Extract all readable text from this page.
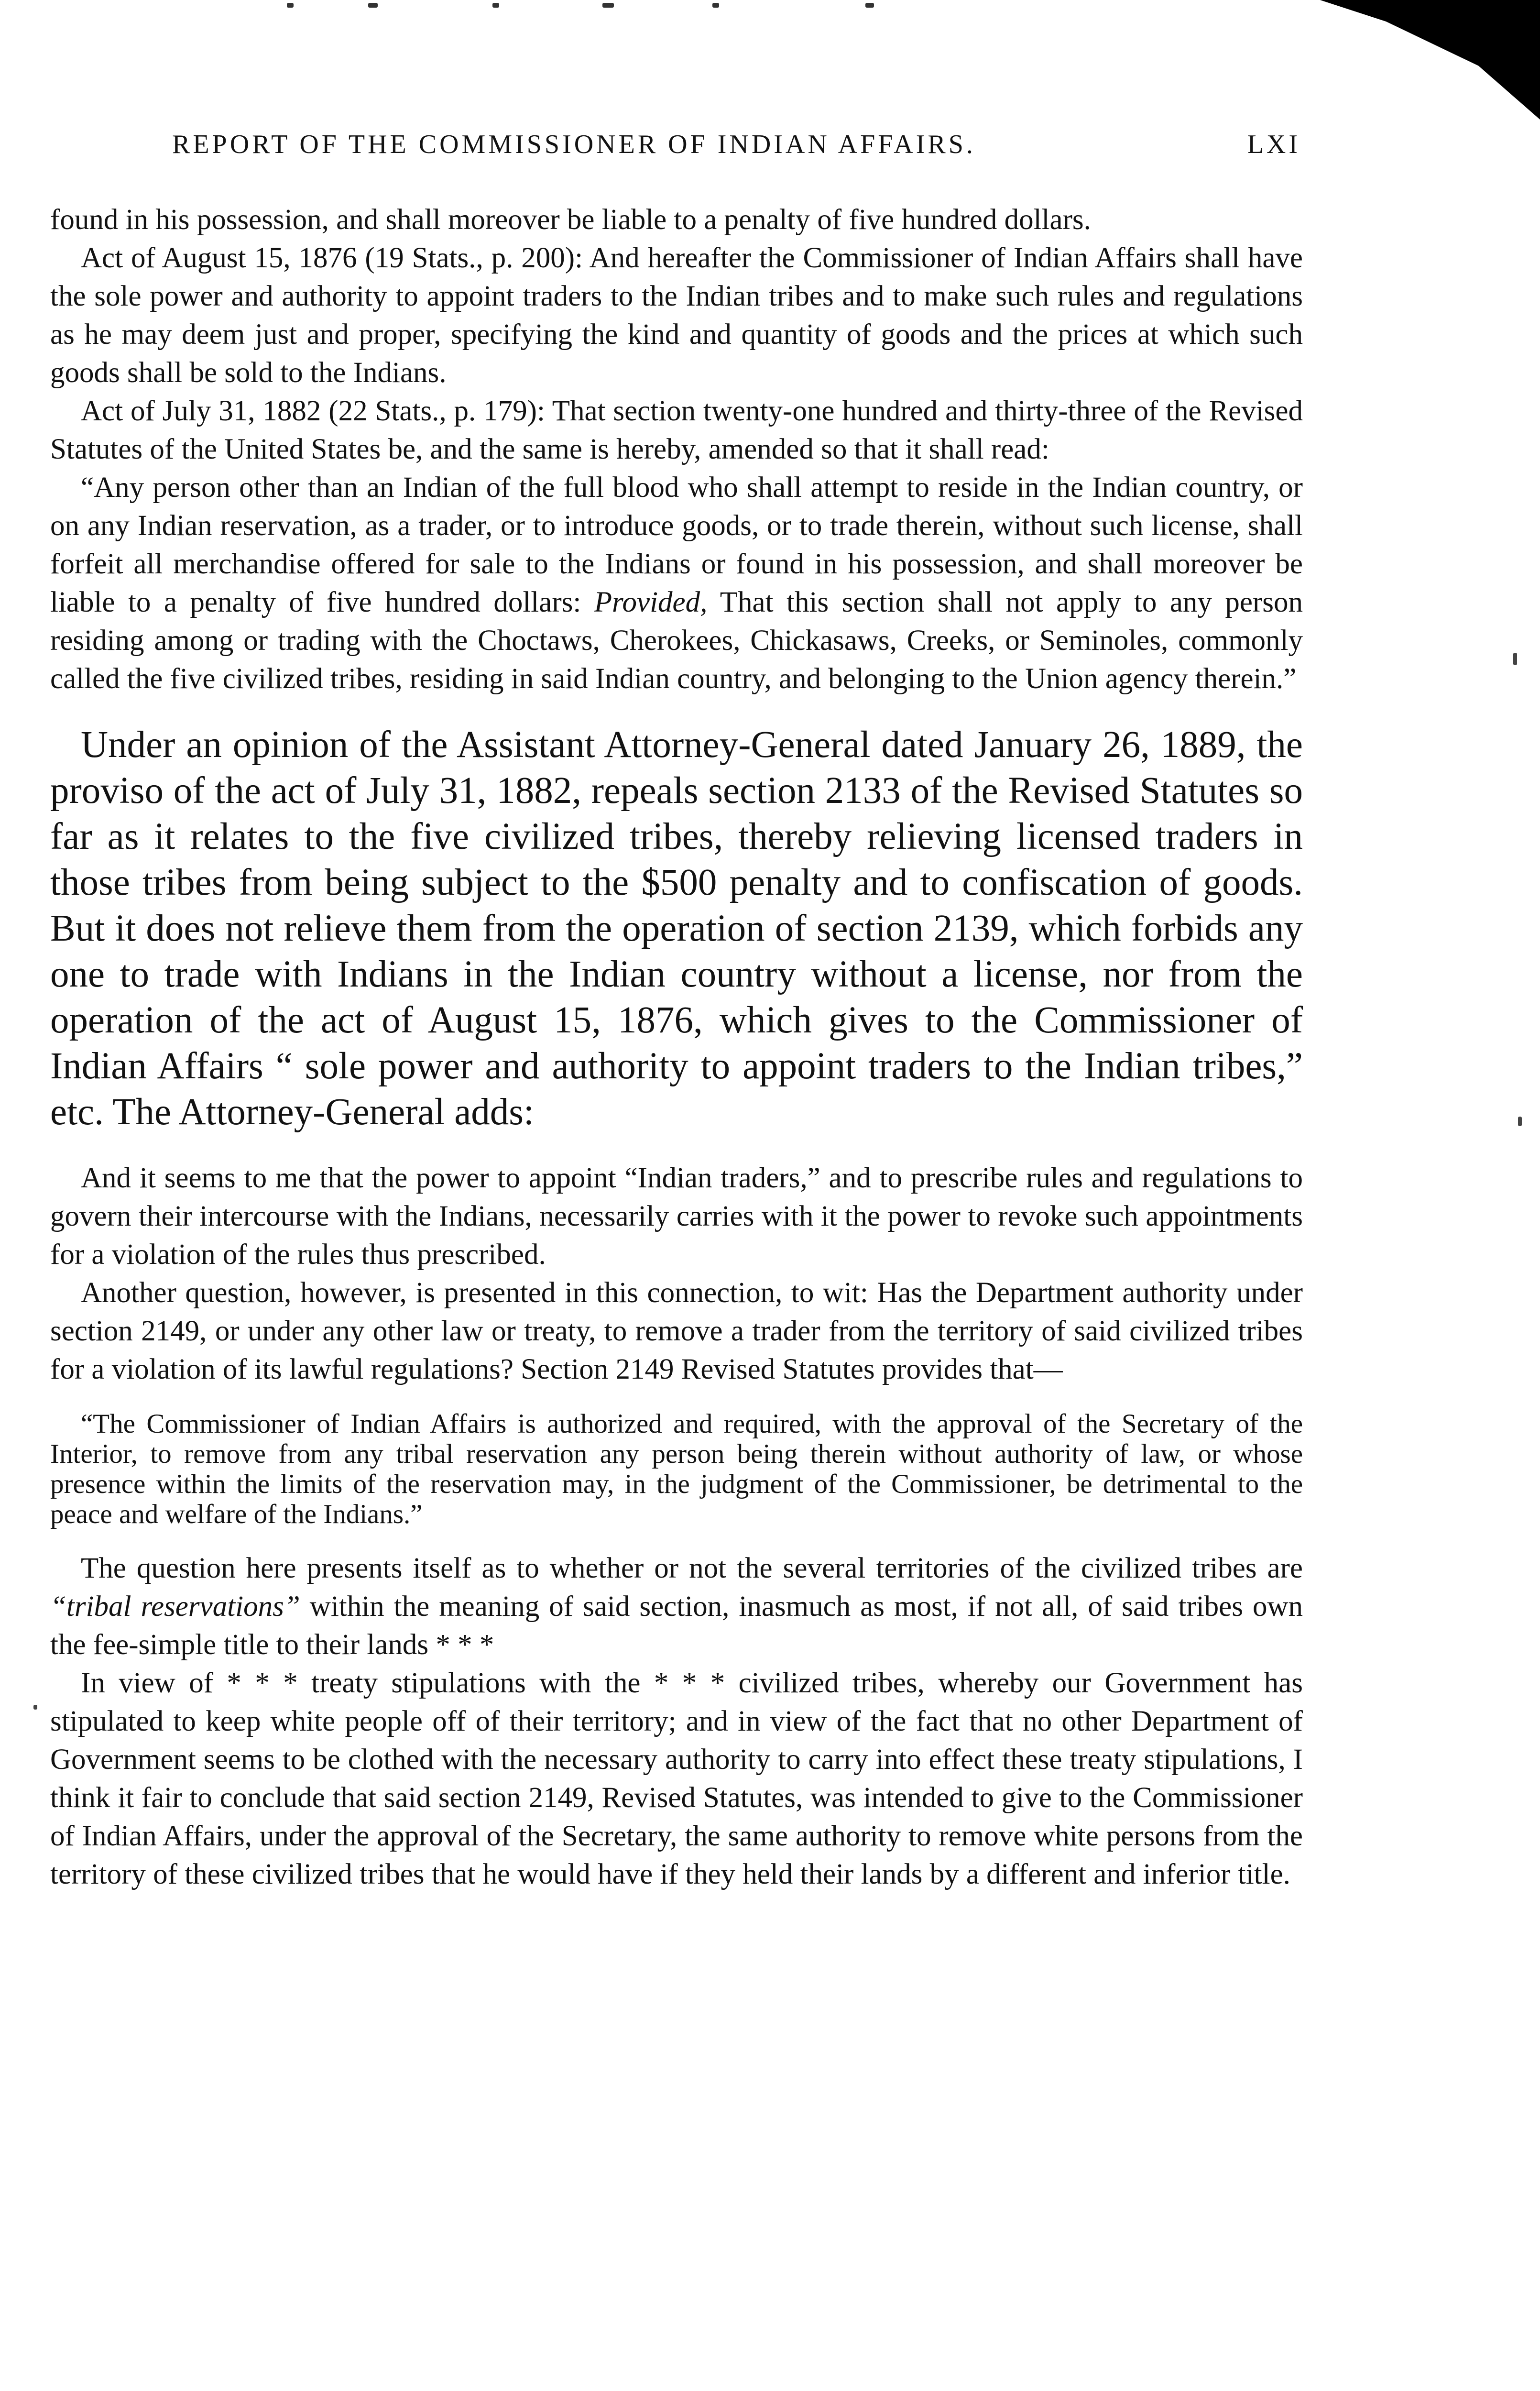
REPORT OF THE COMMISSIONER OF INDIAN AFFAIRS.	LXI

found in his possession, and shall moreover be liable to a penalty of five hundred dollars.

Act of August 15, 1876 (19 Stats., p. 200): And hereafter the Commissioner of Indian Affairs shall have the sole power and authority to appoint traders to the Indian tribes and to make such rules and regulations as he may deem just and proper, specifying the kind and quantity of goods and the prices at which such goods shall be sold to the Indians.

Act of July 31, 1882 (22 Stats., p. 179): That section twenty-one hundred and thirty-three of the Revised Statutes of the United States be, and the same is hereby, amended so that it shall read:

“Any person other than an Indian of the full blood who shall attempt to reside in the Indian country, or on any Indian reservation, as a trader, or to introduce goods, or to trade therein, without such license, shall forfeit all merchandise offered for sale to the Indians or found in his possession, and shall moreover be liable to a penalty of five hundred dollars: Provided, That this section shall not apply to any person residing among or trading with the Choctaws, Cherokees, Chickasaws, Creeks, or Seminoles, commonly called the five civilized tribes, residing in said Indian country, and belonging to the Union agency therein.”

Under an opinion of the Assistant Attorney-General dated January 26, 1889, the proviso of the act of July 31, 1882, repeals section 2133 of the Revised Statutes so far as it relates to the five civilized tribes, thereby relieving licensed traders in those tribes from being subject to the $500 penalty and to confiscation of goods. But it does not relieve them from the operation of section 2139, which forbids any one to trade with Indians in the Indian country without a license, nor from the operation of the act of August 15, 1876, which gives to the Commissioner of Indian Affairs “ sole power and authority to appoint traders to the Indian tribes,” etc. The Attorney-General adds:

And it seems to me that the power to appoint “Indian traders,” and to prescribe rules and regulations to govern their intercourse with the Indians, necessarily carries with it the power to revoke such appointments for a violation of the rules thus prescribed.

Another question, however, is presented in this connection, to wit: Has the Department authority under section 2149, or under any other law or treaty, to remove a trader from the territory of said civilized tribes for a violation of its lawful regulations? Section 2149 Revised Statutes provides that—

“The Commissioner of Indian Affairs is authorized and required, with the approval of the Secretary of the Interior, to remove from any tribal reservation any person being therein without authority of law, or whose presence within the limits of the reservation may, in the judgment of the Commissioner, be detrimental to the peace and welfare of the Indians.”

The question here presents itself as to whether or not the several territories of the civilized tribes are “tribal reservations” within the meaning of said section, inasmuch as most, if not all, of said tribes own the fee-simple title to their lands * * *

In view of * * * treaty stipulations with the * * * civilized tribes, whereby our Government has stipulated to keep white people off of their territory; and in view of the fact that no other Department of Government seems to be clothed with the necessary authority to carry into effect these treaty stipulations, I think it fair to conclude that said section 2149, Revised Statutes, was intended to give to the Commissioner of Indian Affairs, under the approval of the Secretary, the same authority to remove white persons from the territory of these civilized tribes that he would have if they held their lands by a different and inferior title.
